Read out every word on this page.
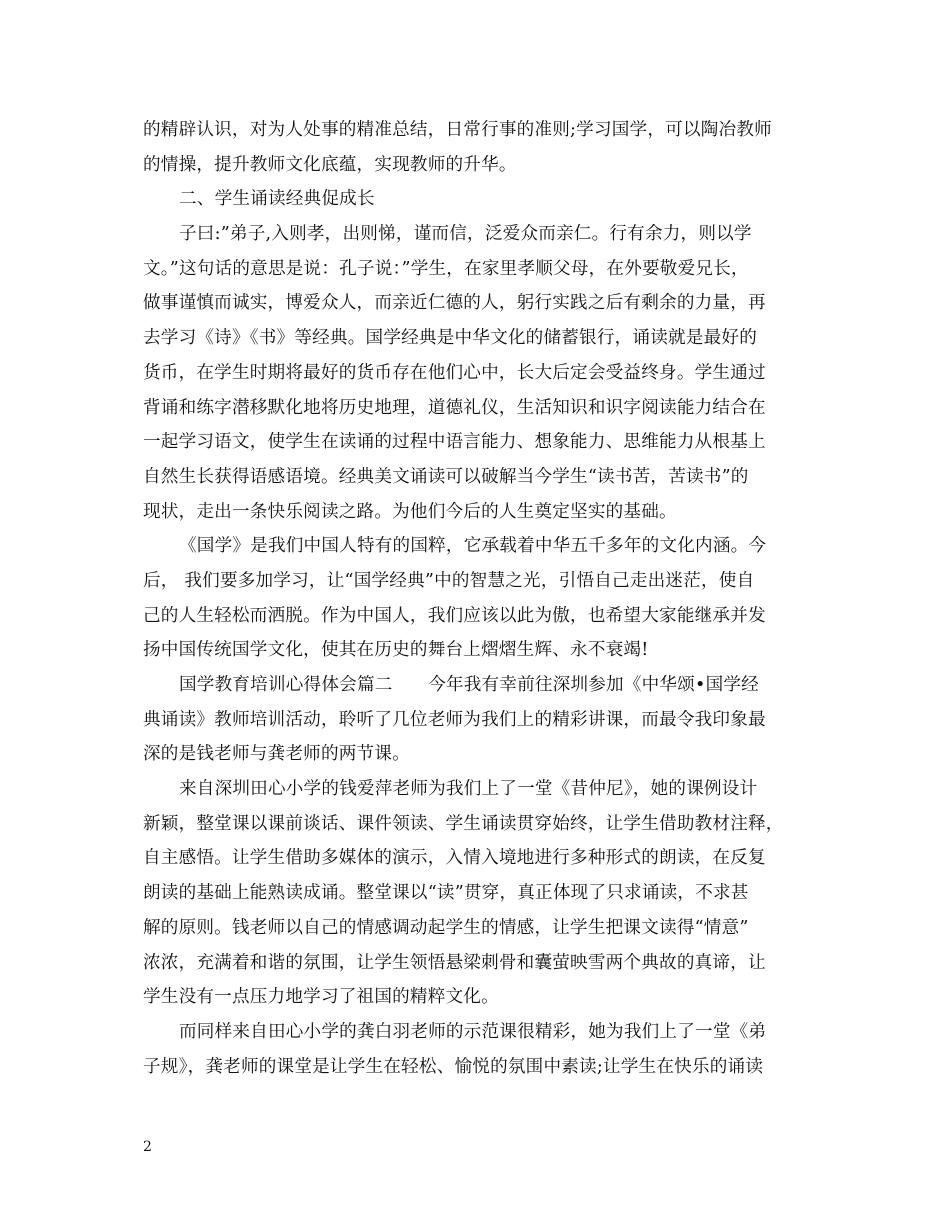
的精辟认识，对为人处事的精准总结，日常行事的准则;学习国学，可以陶冶教师
的情操，提升教师文化底蕴，实现教师的升华。
二、学生诵读经典促成长
子曰:”弟子,入则孝，出则悌，谨而信，泛爱众而亲仁。行有余力，则以学
文。”这句话的意思是说：孔子说：”学生，在家里孝顺父母，在外要敬爱兄长，
做事谨慎而诚实，博爱众人，而亲近仁德的人，躬行实践之后有剩余的力量，再
去学习《诗》《书》等经典。国学经典是中华文化的储蓄银行，诵读就是最好的
货币，在学生时期将最好的货币存在他们心中，长大后定会受益终身。学生通过
背诵和练字潜移默化地将历史地理，道德礼仪，生活知识和识字阅读能力结合在
一起学习语文，使学生在读诵的过程中语言能力、想象能力、思维能力从根基上
自然生长获得语感语境。经典美文诵读可以破解当今学生“读书苦，苦读书”的
现状，走出一条快乐阅读之路。为他们今后的人生奠定坚实的基础。
《国学》是我们中国人特有的国粹，它承载着中华五千多年的文化内涵。今
后， 我们要多加学习，让“国学经典”中的智慧之光，引悟自己走出迷茫，使自
己的人生轻松而洒脱。作为中国人，我们应该以此为傲，也希望大家能继承并发
扬中国传统国学文化，使其在历史的舞台上熠熠生辉、永不衰竭!
国学教育培训心得体会篇二　　今年我有幸前往深圳参加《中华颂•国学经
典诵读》教师培训活动，聆听了几位老师为我们上的精彩讲课，而最令我印象最
深的是钱老师与龚老师的两节课。
来自深圳田心小学的钱爱萍老师为我们上了一堂《昔仲尼》，她的课例设计
新颖，整堂课以课前谈话、课件领读、学生诵读贯穿始终，让学生借助教材注释，
自主感悟。让学生借助多媒体的演示，入情入境地进行多种形式的朗读，在反复
朗读的基础上能熟读成诵。整堂课以“读”贯穿，真正体现了只求诵读，不求甚
解的原则。钱老师以自己的情感调动起学生的情感，让学生把课文读得“情意”
浓浓，充满着和谐的氛围，让学生领悟悬梁刺骨和囊萤映雪两个典故的真谛，让
学生没有一点压力地学习了祖国的精粹文化。
而同样来自田心小学的龚白羽老师的示范课很精彩，她为我们上了一堂《弟
子规》，龚老师的课堂是让学生在轻松、愉悦的氛围中素读;让学生在快乐的诵读
2
